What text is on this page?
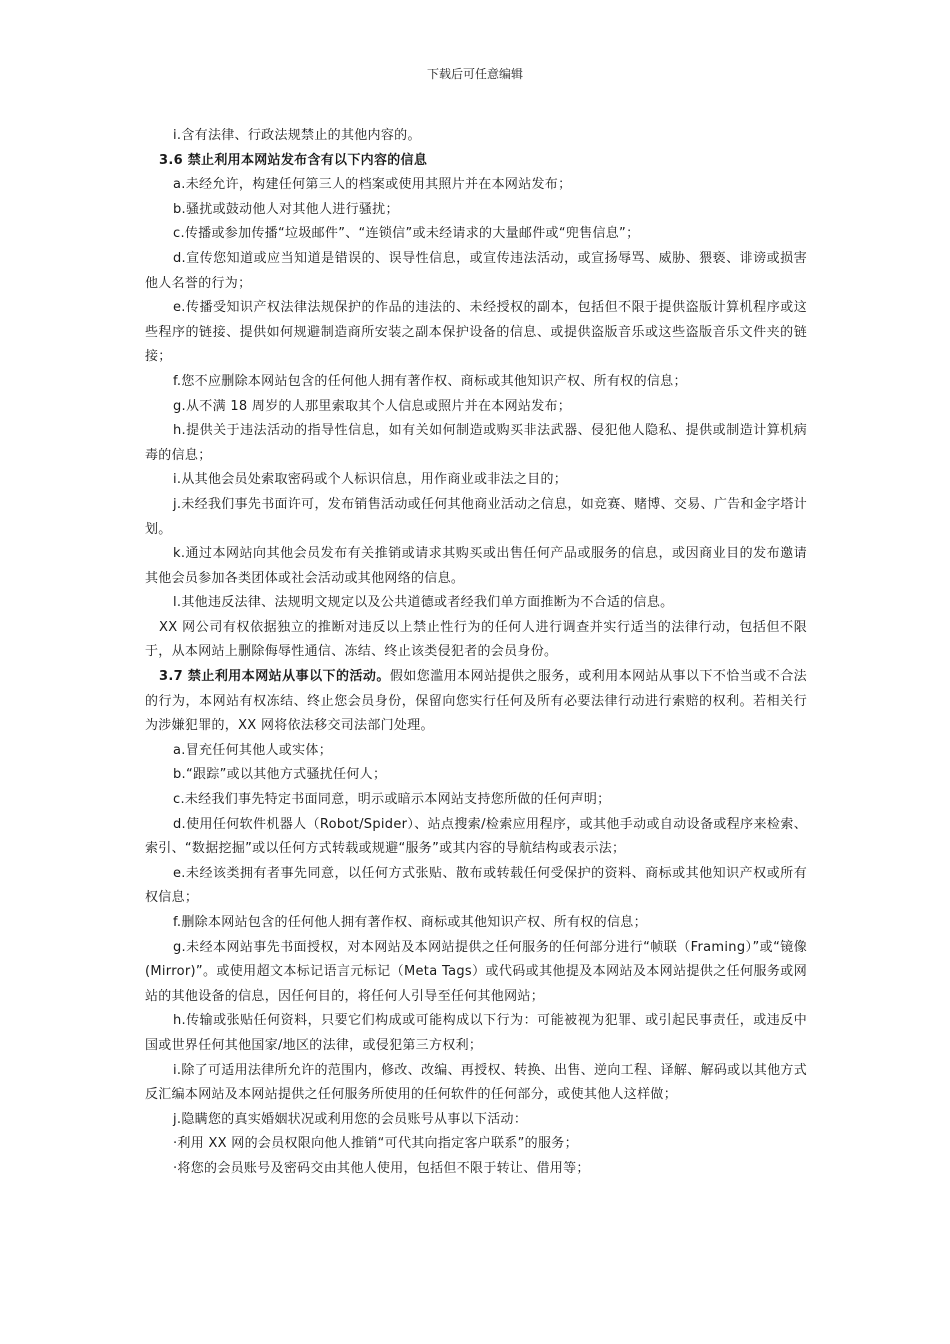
下载后可任意编辑

i.含有法律、行政法规禁止的其他内容的。

3.6 禁止利用本网站发布含有以下内容的信息

a.未经允许，构建任何第三人的档案或使用其照片并在本网站发布；

b.骚扰或鼓动他人对其他人进行骚扰；

c.传播或参加传播“垃圾邮件”、“连锁信”或未经请求的大量邮件或“兜售信息”；

d.宣传您知道或应当知道是错误的、误导性信息，或宣传违法活动，或宣扬辱骂、威胁、猥亵、诽谤或损害他人名誉的行为；

e.传播受知识产权法律法规保护的作品的违法的、未经授权的副本，包括但不限于提供盗版计算机程序或这些程序的链接、提供如何规避制造商所安装之副本保护设备的信息、或提供盗版音乐或这些盗版音乐文件夹的链接；

f.您不应删除本网站包含的任何他人拥有著作权、商标或其他知识产权、所有权的信息；

g.从不满 18 周岁的人那里索取其个人信息或照片并在本网站发布；

h.提供关于违法活动的指导性信息，如有关如何制造或购买非法武器、侵犯他人隐私、提供或制造计算机病毒的信息；

i.从其他会员处索取密码或个人标识信息，用作商业或非法之目的；

j.未经我们事先书面许可，发布销售活动或任何其他商业活动之信息，如竞赛、赌博、交易、广告和金字塔计划。

k.通过本网站向其他会员发布有关推销或请求其购买或出售任何产品或服务的信息，或因商业目的发布邀请其他会员参加各类团体或社会活动或其他网络的信息。

l.其他违反法律、法规明文规定以及公共道德或者经我们单方面推断为不合适的信息。

XX 网公司有权依据独立的推断对违反以上禁止性行为的任何人进行调查并实行适当的法律行动，包括但不限于，从本网站上删除侮辱性通信、冻结、终止该类侵犯者的会员身份。

3.7 禁止利用本网站从事以下的活动。假如您滥用本网站提供之服务，或利用本网站从事以下不恰当或不合法的行为，本网站有权冻结、终止您会员身份，保留向您实行任何及所有必要法律行动进行索赔的权利。若相关行为涉嫌犯罪的，XX 网将依法移交司法部门处理。

a.冒充任何其他人或实体；

b.“跟踪”或以其他方式骚扰任何人；

c.未经我们事先特定书面同意，明示或暗示本网站支持您所做的任何声明；

d.使用任何软件机器人（Robot/Spider）、站点搜索/检索应用程序，或其他手动或自动设备或程序来检索、索引、“数据挖掘”或以任何方式转载或规避“服务”或其内容的导航结构或表示法；

e.未经该类拥有者事先同意，以任何方式张贴、散布或转载任何受保护的资料、商标或其他知识产权或所有权信息；

f.删除本网站包含的任何他人拥有著作权、商标或其他知识产权、所有权的信息；

g.未经本网站事先书面授权，对本网站及本网站提供之任何服务的任何部分进行“帧联（Framing）”或“镜像(Mirror)”。或使用超文本标记语言元标记（Meta Tags）或代码或其他提及本网站及本网站提供之任何服务或网站的其他设备的信息，因任何目的，将任何人引导至任何其他网站；

h.传输或张贴任何资料，只要它们构成或可能构成以下行为：可能被视为犯罪、或引起民事责任，或违反中国或世界任何其他国家/地区的法律，或侵犯第三方权利；

i.除了可适用法律所允许的范围内，修改、改编、再授权、转换、出售、逆向工程、译解、解码或以其他方式反汇编本网站及本网站提供之任何服务所使用的任何软件的任何部分，或使其他人这样做；

j.隐瞒您的真实婚姻状况或利用您的会员账号从事以下活动：

·利用 XX 网的会员权限向他人推销“可代其向指定客户联系”的服务；

·将您的会员账号及密码交由其他人使用，包括但不限于转让、借用等；
